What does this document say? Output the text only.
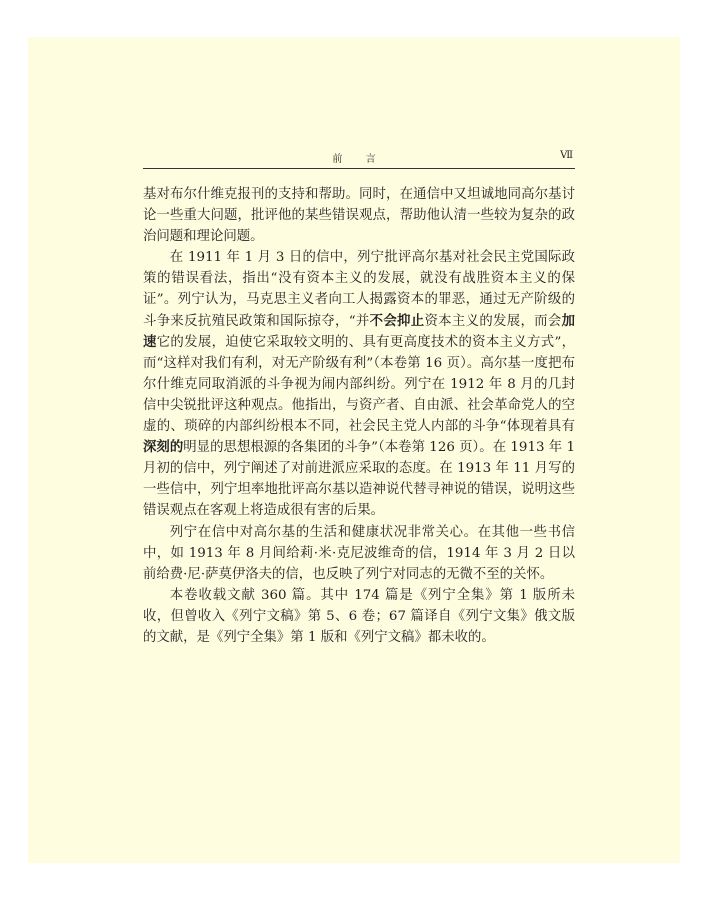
前 言	Ⅶ

基对布尔什维克报刊的支持和帮助。同时，在通信中又坦诚地同高尔基讨论一些重大问题，批评他的某些错误观点，帮助他认清一些较为复杂的政治问题和理论问题。

在 1911 年 1 月 3 日的信中，列宁批评高尔基对社会民主党国际政策的错误看法，指出“没有资本主义的发展，就没有战胜资本主义的保证”。列宁认为，马克思主义者向工人揭露资本的罪恶，通过无产阶级的斗争来反抗殖民政策和国际掠夺，“并不会抑止资本主义的发展，而会加速它的发展，迫使它采取较文明的、具有更高度技术的资本主义方式”，而“这样对我们有利，对无产阶级有利”（本卷第 16 页）。高尔基一度把布尔什维克同取消派的斗争视为闹内部纠纷。列宁在 1912 年 8 月的几封信中尖锐批评这种观点。他指出，与资产者、自由派、社会革命党人的空虚的、琐碎的内部纠纷根本不同，社会民主党人内部的斗争“体现着具有深刻的明显的思想根源的各集团的斗争”（本卷第 126 页）。在 1913 年 1 月初的信中，列宁阐述了对前进派应采取的态度。在 1913 年 11 月写的一些信中，列宁坦率地批评高尔基以造神说代替寻神说的错误，说明这些错误观点在客观上将造成很有害的后果。

列宁在信中对高尔基的生活和健康状况非常关心。在其他一些书信中，如 1913 年 8 月间给莉·米·克尼波维奇的信，1914 年 3 月 2 日以前给费·尼·萨莫伊洛夫的信，也反映了列宁对同志的无微不至的关怀。

本卷收载文献 360 篇。其中 174 篇是《列宁全集》第 1 版所未收，但曾收入《列宁文稿》第 5、6 卷；67 篇译自《列宁文集》俄文版的文献，是《列宁全集》第 1 版和《列宁文稿》都未收的。
